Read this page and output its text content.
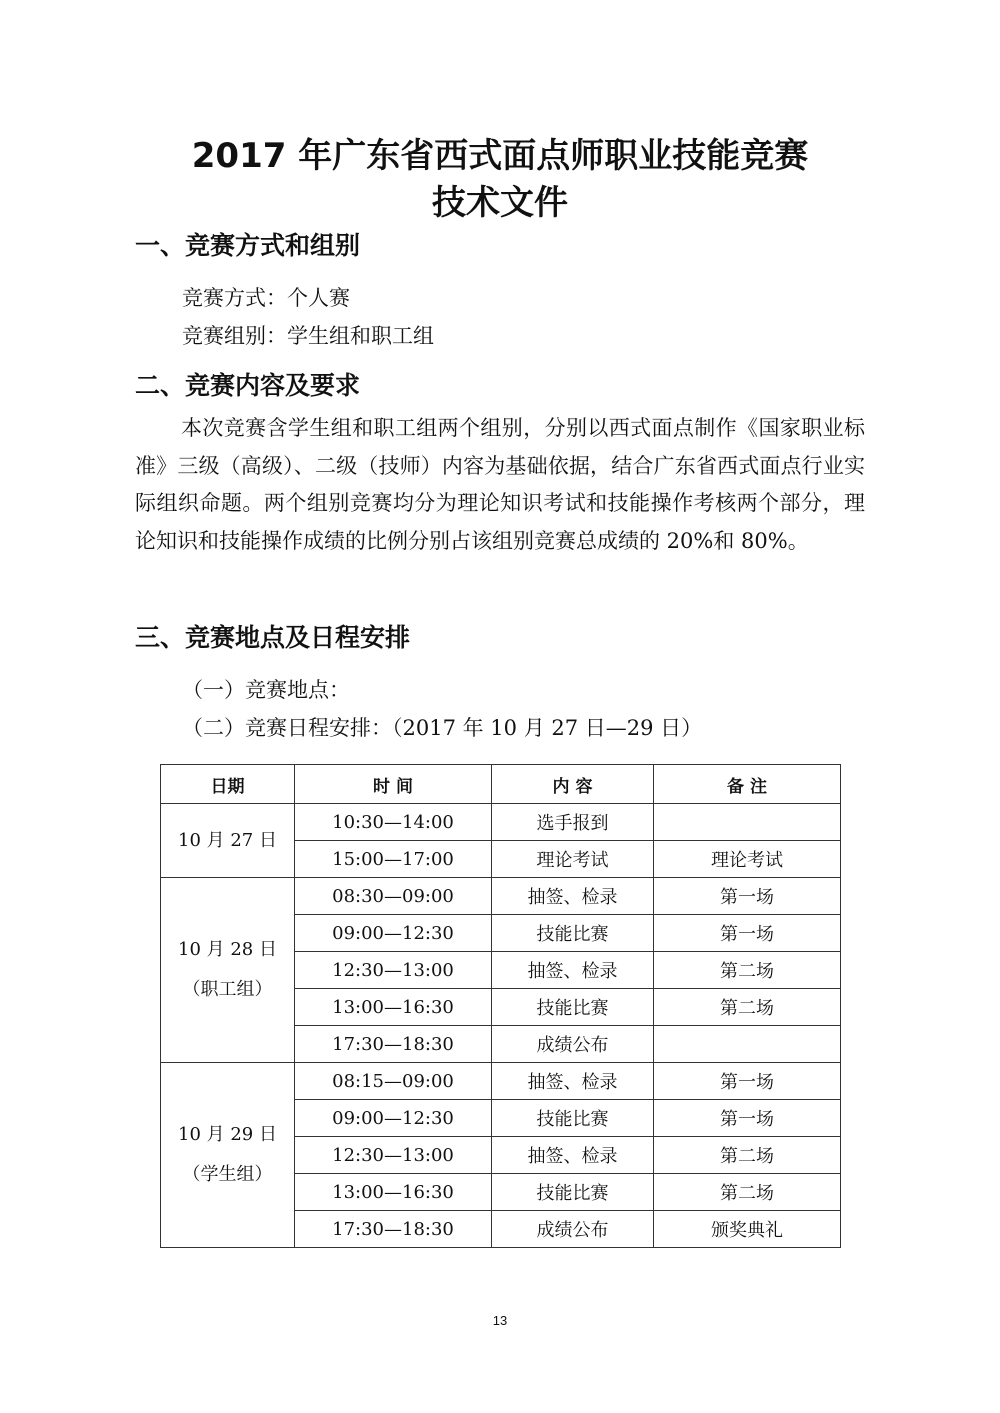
2017 年广东省西式面点师职业技能竞赛
技术文件
一、竞赛方式和组别
竞赛方式：个人赛
竞赛组别：学生组和职工组
二、竞赛内容及要求
本次竞赛含学生组和职工组两个组别，分别以西式面点制作《国家职业标准》三级（高级）、二级（技师）内容为基础依据，结合广东省西式面点行业实际组织命题。两个组别竞赛均分为理论知识考试和技能操作考核两个部分，理论知识和技能操作成绩的比例分别占该组别竞赛总成绩的 20%和 80%。
三、竞赛地点及日程安排
（一）竞赛地点：
（二）竞赛日程安排：（2017 年 10 月 27 日—29 日）
日期	时 间	内 容	备 注

10 月 27 日	10:30—14:00	选手报到	
	15:00—17:00	理论考试	理论考试

10 月 28 日
（职工组）	08:30—09:00	抽签、检录	第一场
	09:00—12:30	技能比赛	第一场
	12:30—13:00	抽签、检录	第二场
	13:00—16:30	技能比赛	第二场
	17:30—18:30	成绩公布	

10 月 29 日
（学生组）	08:15—09:00	抽签、检录	第一场
	09:00—12:30	技能比赛	第一场
	12:30—13:00	抽签、检录	第二场
	13:00—16:30	技能比赛	第二场
	17:30—18:30	成绩公布	颁奖典礼
13
